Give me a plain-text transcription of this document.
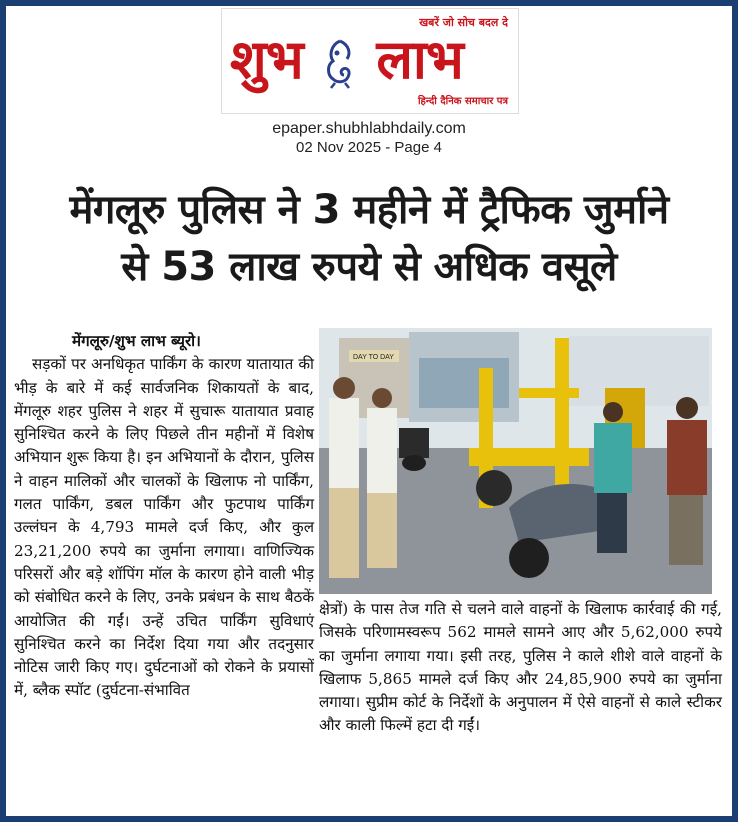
खबरें जो सोच बदल दे
शुभ लाभ
हिन्दी दैनिक समाचार पत्र
epaper.shubhlabhdaily.com
02 Nov 2025 - Page 4
मेंगलूरु पुलिस ने 3 महीने में ट्रैफिक जुर्माने
से 53 लाख रुपये से अधिक वसूले
मेंगलूरु/शुभ लाभ ब्यूरो।
सड़कों पर अनधिकृत पार्किंग के कारण यातायात की भीड़ के बारे में कई सार्वजनिक शिकायतों के बाद, मेंगलूरु शहर पुलिस ने शहर में सुचारू यातायात प्रवाह सुनिश्चित करने के लिए पिछले तीन महीनों में विशेष अभियान शुरू किया है। इन अभियानों के दौरान, पुलिस ने वाहन मालिकों और चालकों के खिलाफ नो पार्किंग, गलत पार्किंग, डबल पार्किंग और फुटपाथ पार्किंग उल्लंघन के 4,793 मामले दर्ज किए, और कुल 23,21,200 रुपये का जुर्माना लगाया। वाणिज्यिक परिसरों और बड़े शॉपिंग मॉल के कारण होने वाली भीड़ को संबोधित करने के लिए, उनके प्रबंधन के साथ बैठकें आयोजित की गईं। उन्हें उचित पार्किंग सुविधाएं सुनिश्चित करने का निर्देश दिया गया और तदनुसार नोटिस जारी किए गए। दुर्घटनाओं को रोकने के प्रयासों में, ब्लैक स्पॉट (दुर्घटना-संभावित
DAY TO DAY
क्षेत्रों) के पास तेज गति से चलने वाले वाहनों के खिलाफ कार्रवाई की गई, जिसके परिणामस्वरूप 562 मामले सामने आए और 5,62,000 रुपये का जुर्माना लगाया गया। इसी तरह, पुलिस ने काले शीशे वाले वाहनों के खिलाफ 5,865 मामले दर्ज किए और 24,85,900 रुपये का जुर्माना लगाया। सुप्रीम कोर्ट के निर्देशों के अनुपालन में ऐसे वाहनों से काले स्टीकर और काली फिल्में हटा दी गईं।
